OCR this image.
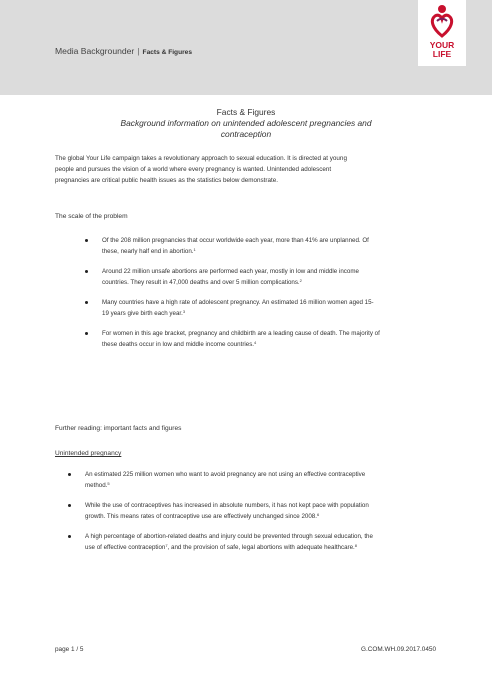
Media Backgrounder | Facts & Figures
YOUR
LIFE
Facts & Figures
Background information on unintended adolescent pregnancies and contraception
The global Your Life campaign takes a revolutionary approach to sexual education. It is directed at young people and pursues the vision of a world where every pregnancy is wanted. Unintended adolescent pregnancies are critical public health issues as the statistics below demonstrate.
The scale of the problem
Of the 208 million pregnancies that occur worldwide each year, more than 41% are unplanned. Of these, nearly half end in abortion.$^1$
Around 22 million unsafe abortions are performed each year, mostly in low and middle income countries. They result in 47,000 deaths and over 5 million complications.$^2$
Many countries have a high rate of adolescent pregnancy. An estimated 16 million women aged 15-19 years give birth each year.$^3$
For women in this age bracket, pregnancy and childbirth are a leading cause of death. The majority of these deaths occur in low and middle income countries.$^4$
Further reading: important facts and figures
Unintended pregnancy
An estimated 225 million women who want to avoid pregnancy are not using an effective contraceptive method.$^5$
While the use of contraceptives has increased in absolute numbers, it has not kept pace with population growth. This means rates of contraceptive use are effectively unchanged since 2008.$^6$
A high percentage of abortion-related deaths and injury could be prevented through sexual education, the use of effective contraception$^7$, and the provision of safe, legal abortions with adequate healthcare.$^8$
page 1 / 5	G.COM.WH.09.2017.0450
